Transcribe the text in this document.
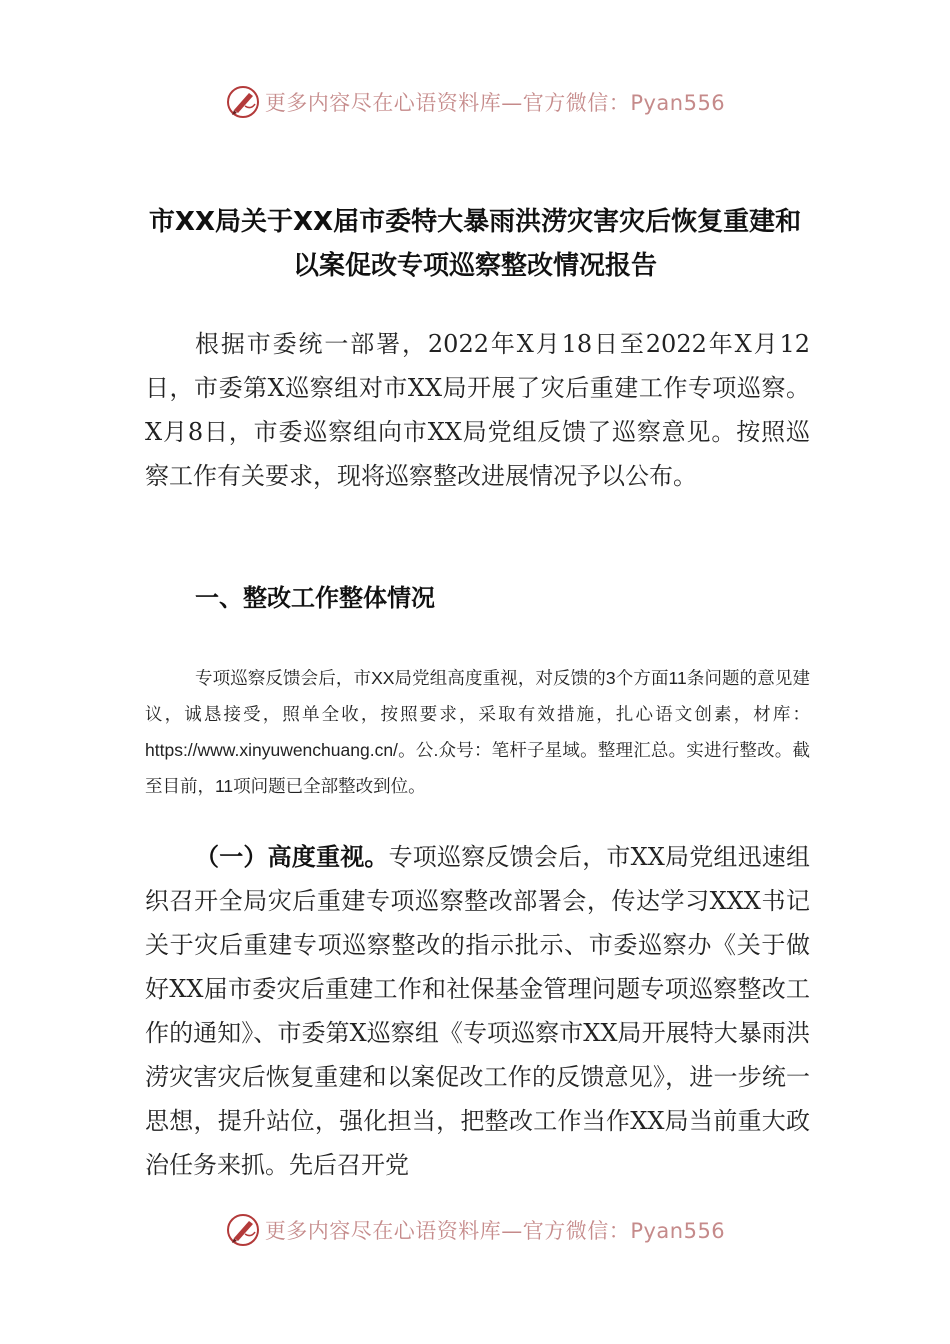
更多内容尽在心语资料库—官方微信：Pyan556
市XX局关于XX届市委特大暴雨洪涝灾害灾后恢复重建和以案促改专项巡察整改情况报告
根据市委统一部署，2022年X月18日至2022年X月12日，市委第X巡察组对市XX局开展了灾后重建工作专项巡察。X月8日，市委巡察组向市XX局党组反馈了巡察意见。按照巡察工作有关要求，现将巡察整改进展情况予以公布。
一、整改工作整体情况
专项巡察反馈会后，市XX局党组高度重视，对反馈的3个方面11条问题的意见建议，诚恳接受，照单全收，按照要求，采取有效措施，扎心语文创素，材库：https://www.xinyuwenchuang.cn/。公.众号：笔杆子星域。整理汇总。实进行整改。截至目前，11项问题已全部整改到位。
（一）高度重视。专项巡察反馈会后，市XX局党组迅速组织召开全局灾后重建专项巡察整改部署会，传达学习XXX书记关于灾后重建专项巡察整改的指示批示、市委巡察办《关于做好XX届市委灾后重建工作和社保基金管理问题专项巡察整改工作的通知》、市委第X巡察组《专项巡察市XX局开展特大暴雨洪涝灾害灾后恢复重建和以案促改工作的反馈意见》，进一步统一思想，提升站位，强化担当，把整改工作当作XX局当前重大政治任务来抓。先后召开党
更多内容尽在心语资料库—官方微信：Pyan556
